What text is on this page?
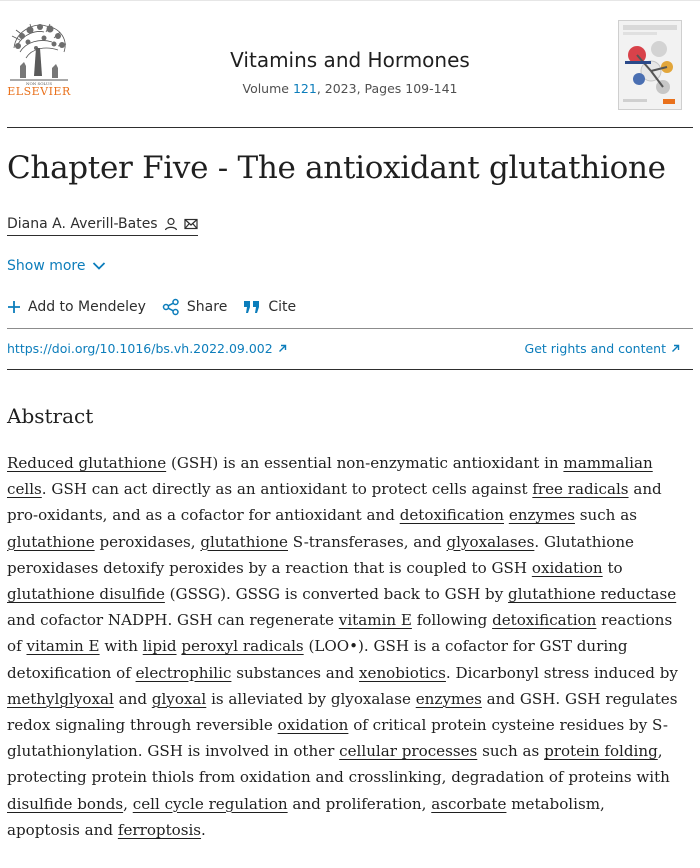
NON SOLUS
ELSEVIER
Vitamins and Hormones
Volume 121, 2023, Pages 109-141
Chapter Five - The antioxidant glutathione
Diana A. Averill-Bates
Show more
Add to Mendeley	Share	Cite
https://doi.org/10.1016/bs.vh.2022.09.002	Get rights and content
Abstract

Reduced glutathione (GSH) is an essential non-enzymatic antioxidant in mammalian cells. GSH can act directly as an antioxidant to protect cells against free radicals and pro-oxidants, and as a cofactor for antioxidant and detoxification enzymes such as glutathione peroxidases, glutathione S-transferases, and glyoxalases. Glutathione peroxidases detoxify peroxides by a reaction that is coupled to GSH oxidation to glutathione disulfide (GSSG). GSSG is converted back to GSH by glutathione reductase and cofactor NADPH. GSH can regenerate vitamin E following detoxification reactions of vitamin E with lipid peroxyl radicals (LOO•). GSH is a cofactor for GST during detoxification of electrophilic substances and xenobiotics. Dicarbonyl stress induced by methylglyoxal and glyoxal is alleviated by glyoxalase enzymes and GSH. GSH regulates redox signaling through reversible oxidation of critical protein cysteine residues by S-glutathionylation. GSH is involved in other cellular processes such as protein folding, protecting protein thiols from oxidation and crosslinking, degradation of proteins with disulfide bonds, cell cycle regulation and proliferation, ascorbate metabolism, apoptosis and ferroptosis.
